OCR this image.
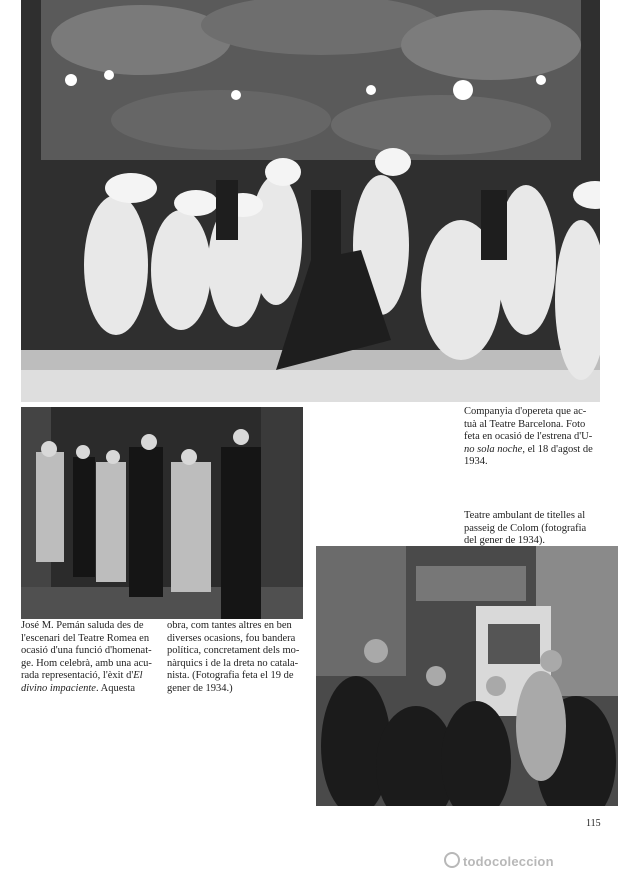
Companyia d'opereta que ac-
tuà al Teatre Barcelona. Foto
feta en ocasió de l'estrena d'U-
no sola noche, el 18 d'agost de
1934.
Teatre ambulant de titelles al
passeig de Colom (fotografia
del gener de 1934).
José M. Pemán saluda des de
l'escenari del Teatre Romea en
ocasió d'una funció d'homenat-
ge. Hom celebrà, amb una acu-
rada representació, l'èxit d'El
divino impaciente. Aquesta
obra, com tantes altres en ben
diverses ocasions, fou bandera
política, concretament dels mo-
nàrquics i de la dreta no catala-
nista. (Fotografia feta el 19 de
gener de 1934.)
115
todocoleccion
